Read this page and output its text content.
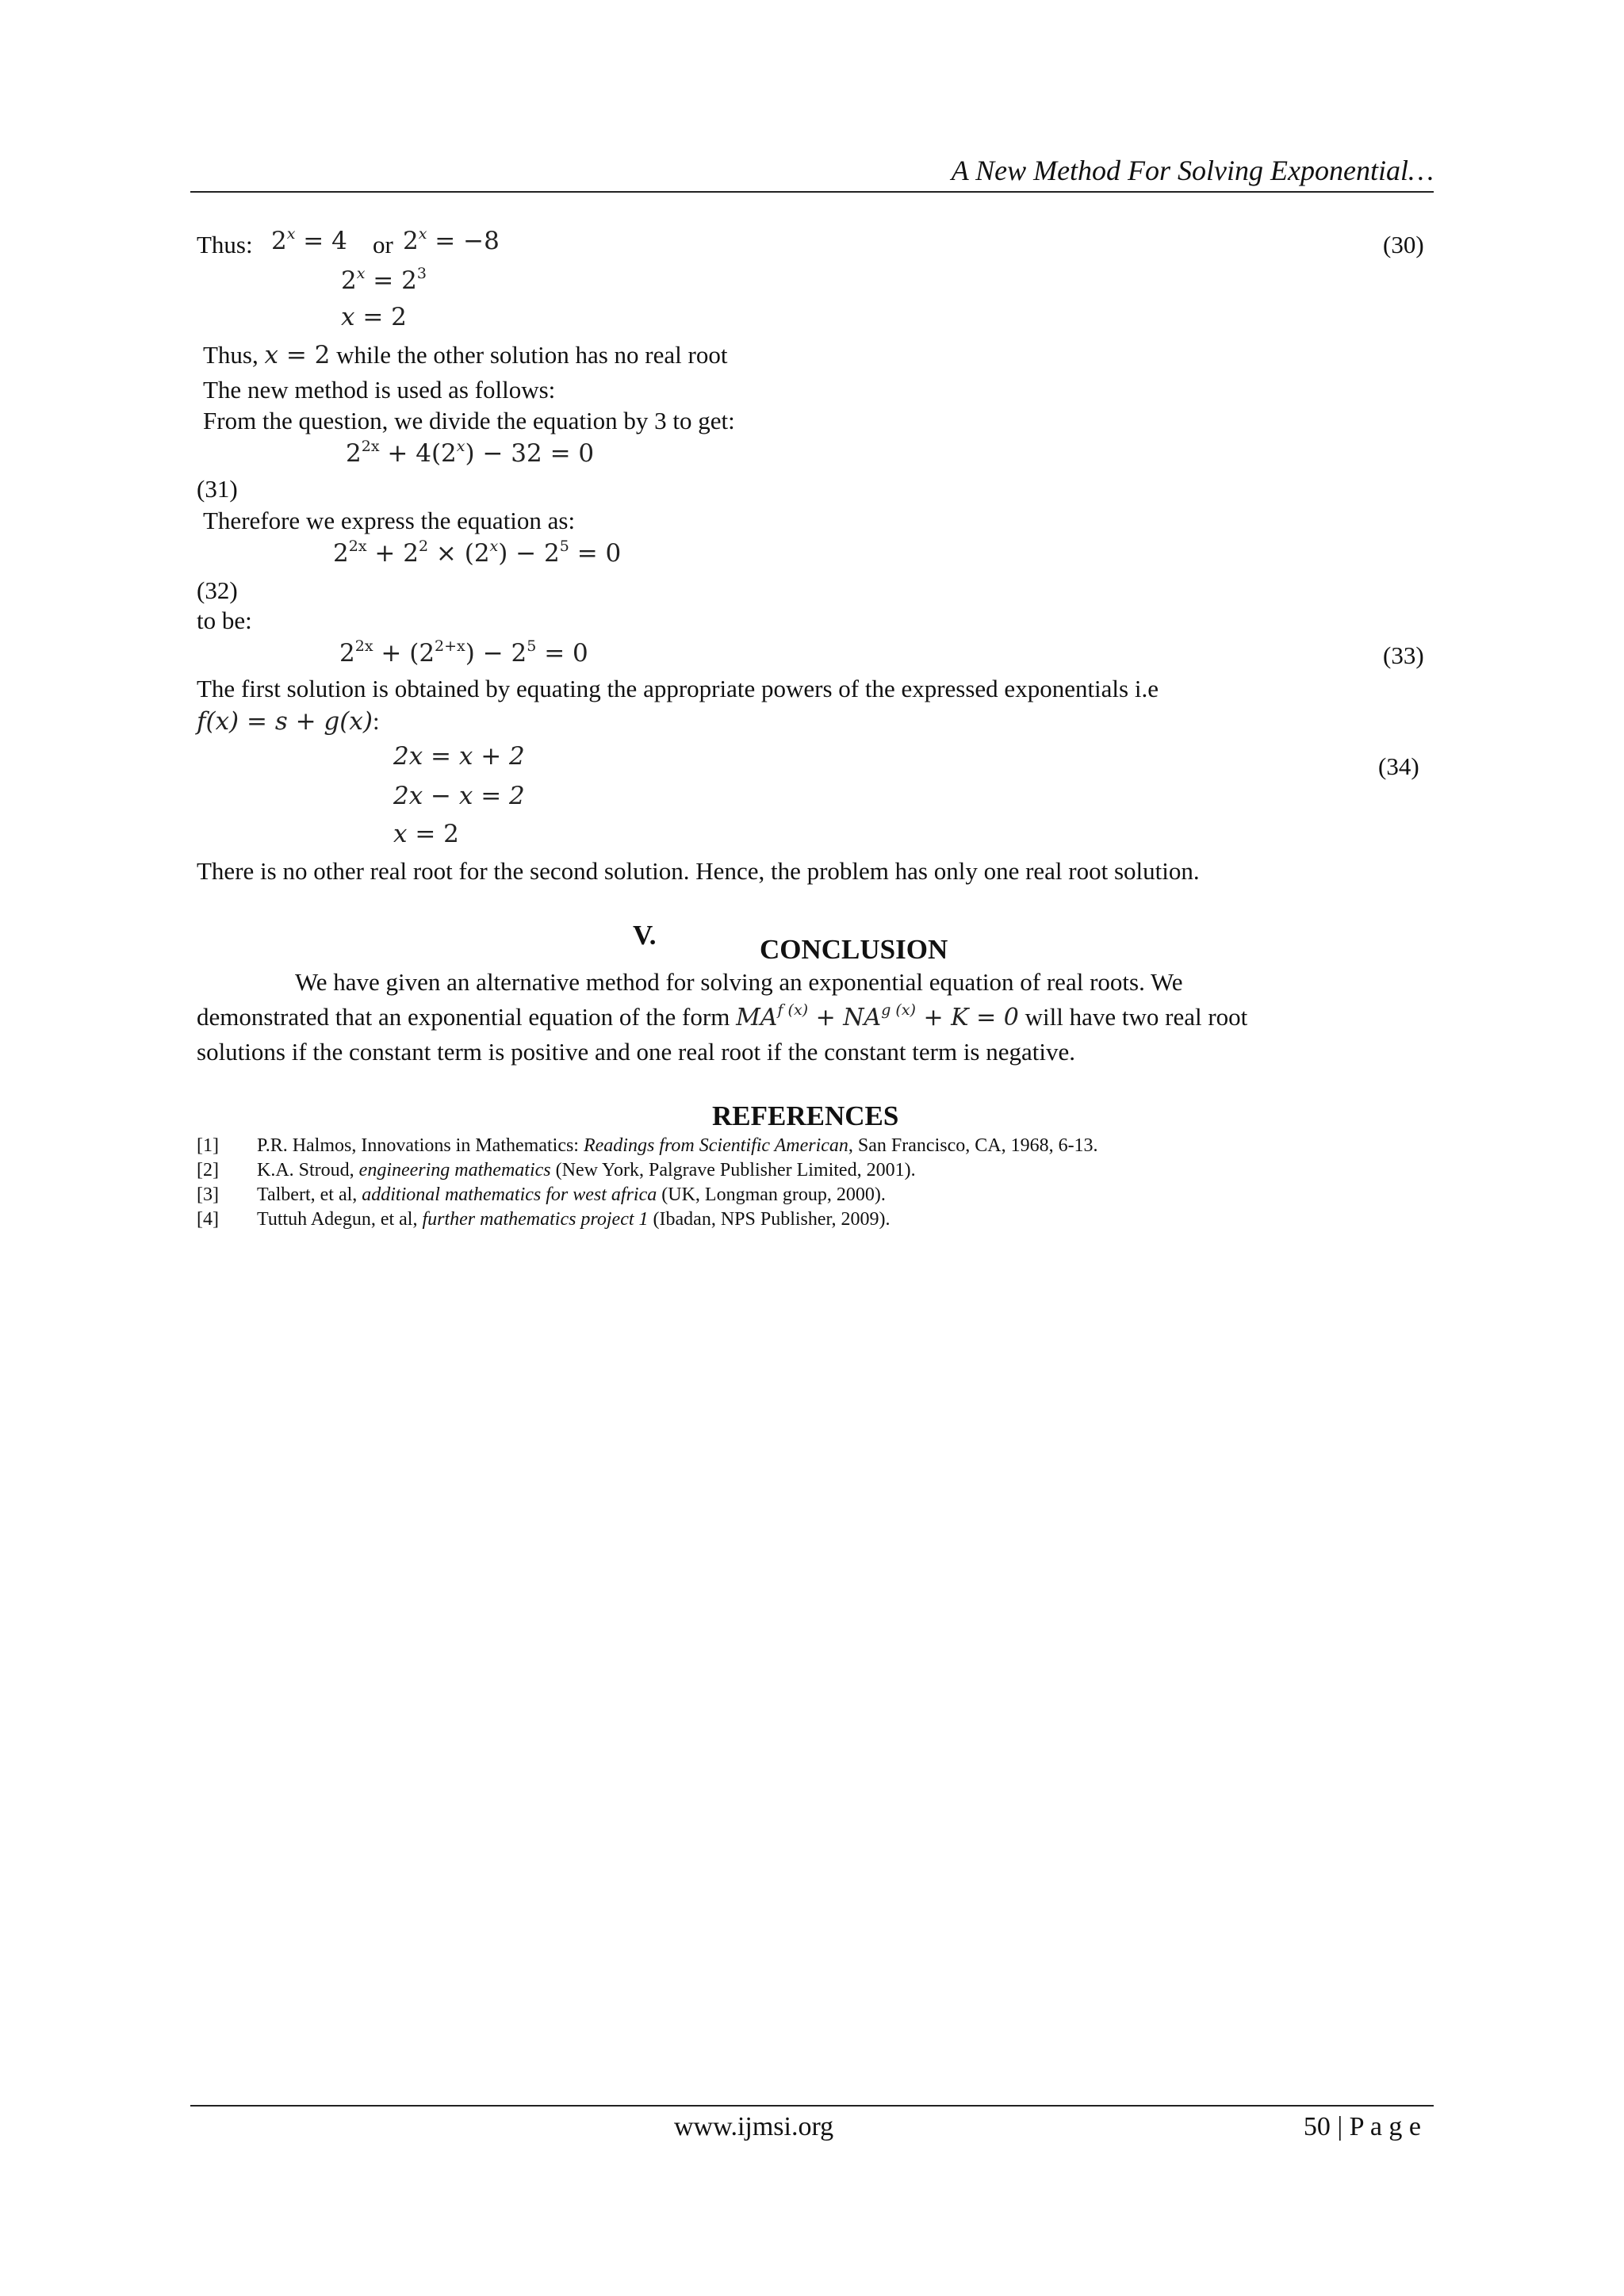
A New Method For Solving Exponential…
Thus: $2^x = 4$ or $2^x = -8$	(30)
$2^x = 2^3$
x = 2
Thus, x = 2 while the other solution has no real root
The new method is used as follows:
From the question, we divide the equation by 3 to get:
$2^{2x} + 4(2^x) - 32 = 0$
(31)
Therefore we express the equation as:
$2^{2x} + 2^2 \times (2^x) - 2^5 = 0$
(32)
to be:
$2^{2x} + (2^{2+x}) - 2^5 = 0$	(33)
The first solution is obtained by equating the appropriate powers of the expressed exponentials i.e
f(x) = s + g(x):
2x = x + 2	(34)
2x − x = 2
x = 2
There is no other real root for the second solution. Hence, the problem has only one real root solution.
V.	CONCLUSION
We have given an alternative method for solving an exponential equation of real roots. We
demonstrated that an exponential equation of the form $MA^{f (x)} + NA^{g (x)} + K = 0$ will have two real root
solutions if the constant term is positive and one real root if the constant term is negative.
REFERENCES
[1] P.R. Halmos, Innovations in Mathematics: Readings from Scientific American, San Francisco, CA, 1968, 6-13.
[2] K.A. Stroud, engineering mathematics (New York, Palgrave Publisher Limited, 2001).
[3] Talbert, et al, additional mathematics for west africa (UK, Longman group, 2000).
[4] Tuttuh Adegun, et al, further mathematics project 1 (Ibadan, NPS Publisher, 2009).
www.ijmsi.org	50 | P a g e
